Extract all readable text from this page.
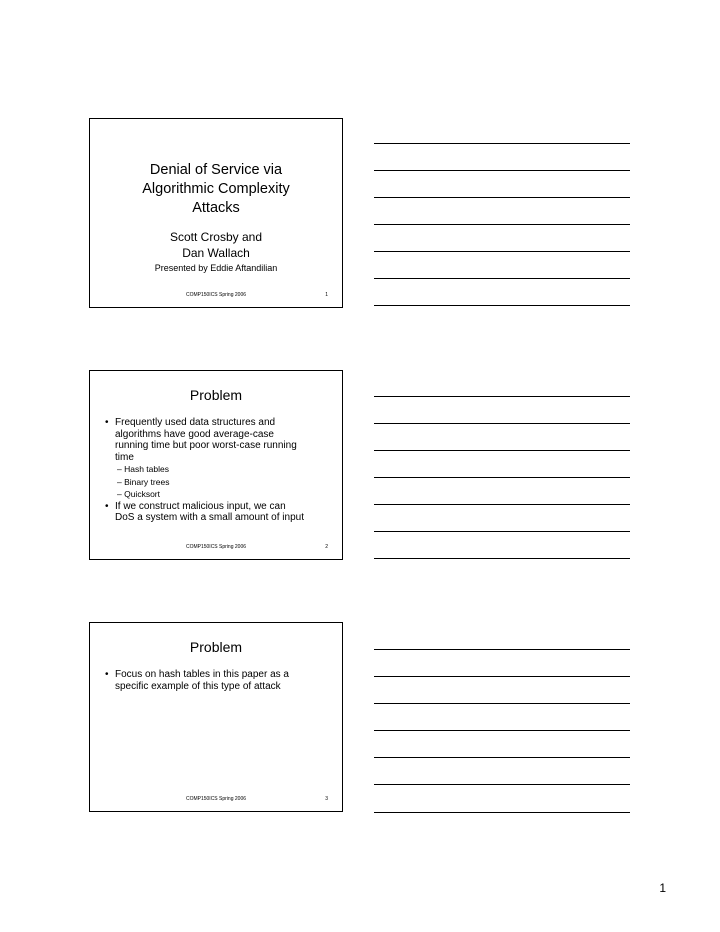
Denial of Service via
Algorithmic Complexity
Attacks
Scott Crosby and
Dan Wallach
Presented by Eddie Aftandilian
COMP150ICS Spring 2006	1
Problem
• Frequently used data structures and
algorithms have good average-case
running time but poor worst-case running
time
– Hash tables
– Binary trees
– Quicksort
• If we construct malicious input, we can
DoS a system with a small amount of input
COMP150ICS Spring 2006	2
Problem
• Focus on hash tables in this paper as a
specific example of this type of attack
COMP150ICS Spring 2006	3
1
